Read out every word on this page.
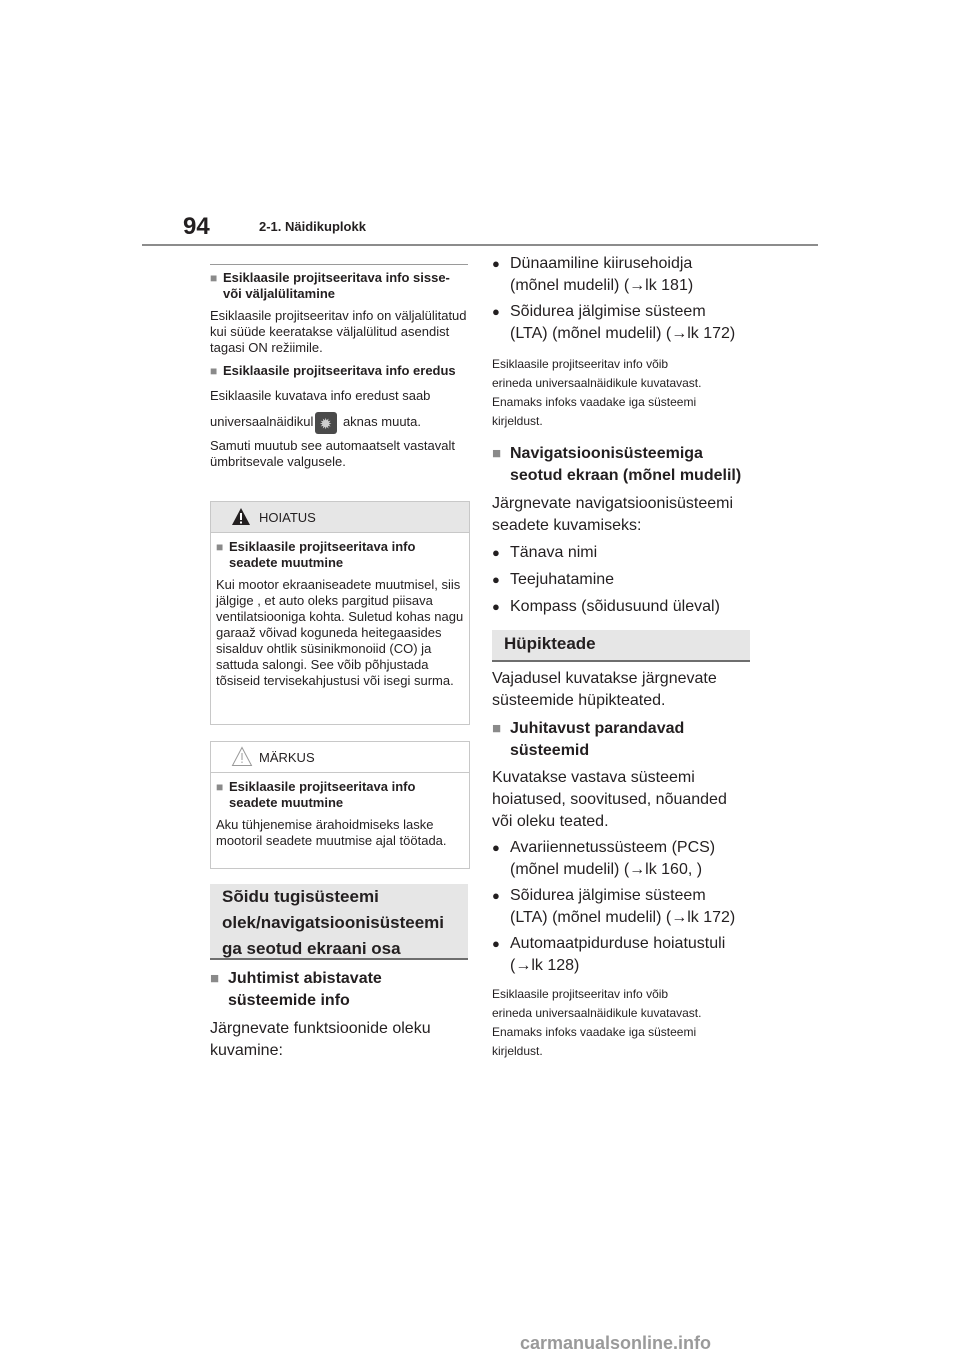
94	2-1. Näidikuplokk
■ Esiklaasile projitseeritava info sisse- või väljalülitamine
Esiklaasile projitseeritav info on väljalülitatud kui süüde keeratakse väljalülitud asendist tagasi ON režiimile.
■ Esiklaasile projitseeritava info eredus
Esiklaasile kuvatava info eredust saab
universaalnäidikul✹ aknas muuta.
Samuti muutub see automaatselt vastavalt ümbritsevale valgusele.
HOIATUS
■ Esiklaasile projitseeritava info seadete muutmine
Kui mootor ekraaniseadete muutmisel, siis jälgige , et auto oleks pargitud piisava ventilatsiooniga kohta. Suletud kohas nagu garaaž võivad koguneda heitegaasides sisalduv ohtlik süsinikmonoiid (CO) ja sattuda salongi. See võib põhjustada tõsiseid tervisekahjustusi või isegi surma.
MÄRKUS
■ Esiklaasile projitseeritava info seadete muutmine
Aku tühjenemise ärahoidmiseks laske mootoril seadete muutmise ajal töötada.
Sõidu tugisüsteemi
olek/navigatsioonisüsteemi
ga seotud ekraani osa
■ Juhtimist abistavate
süsteemide info
Järgnevate funktsioonide oleku
kuvamine:
● Dünaamiline kiirusehoidja
(mõnel mudelil) (→lk 181)
● Sõidurea jälgimise süsteem
(LTA) (mõnel mudelil) (→lk 172)
Esiklaasile projitseeritav info võib
erineda universaalnäidikule kuvatavast.
Enamaks infoks vaadake iga süsteemi
kirjeldust.
■ Navigatsioonisüsteemiga
seotud ekraan (mõnel mudelil)
Järgnevate navigatsioonisüsteemi
seadete kuvamiseks:
● Tänava nimi
● Teejuhatamine
● Kompass (sõidusuund üleval)
Hüpikteade
Vajadusel kuvatakse järgnevate
süsteemide hüpikteated.
■ Juhitavust parandavad
süsteemid
Kuvatakse vastava süsteemi
hoiatused, soovitused, nõuanded
või oleku teated.
● Avariiennetussüsteem (PCS)
(mõnel mudelil) (→lk 160, )
● Sõidurea jälgimise süsteem
(LTA) (mõnel mudelil) (→lk 172)
● Automaatpidurduse hoiatustuli
(→lk 128)
Esiklaasile projitseeritav info võib
erineda universaalnäidikule kuvatavast.
Enamaks infoks vaadake iga süsteemi
kirjeldust.
carmanualsonline.info
